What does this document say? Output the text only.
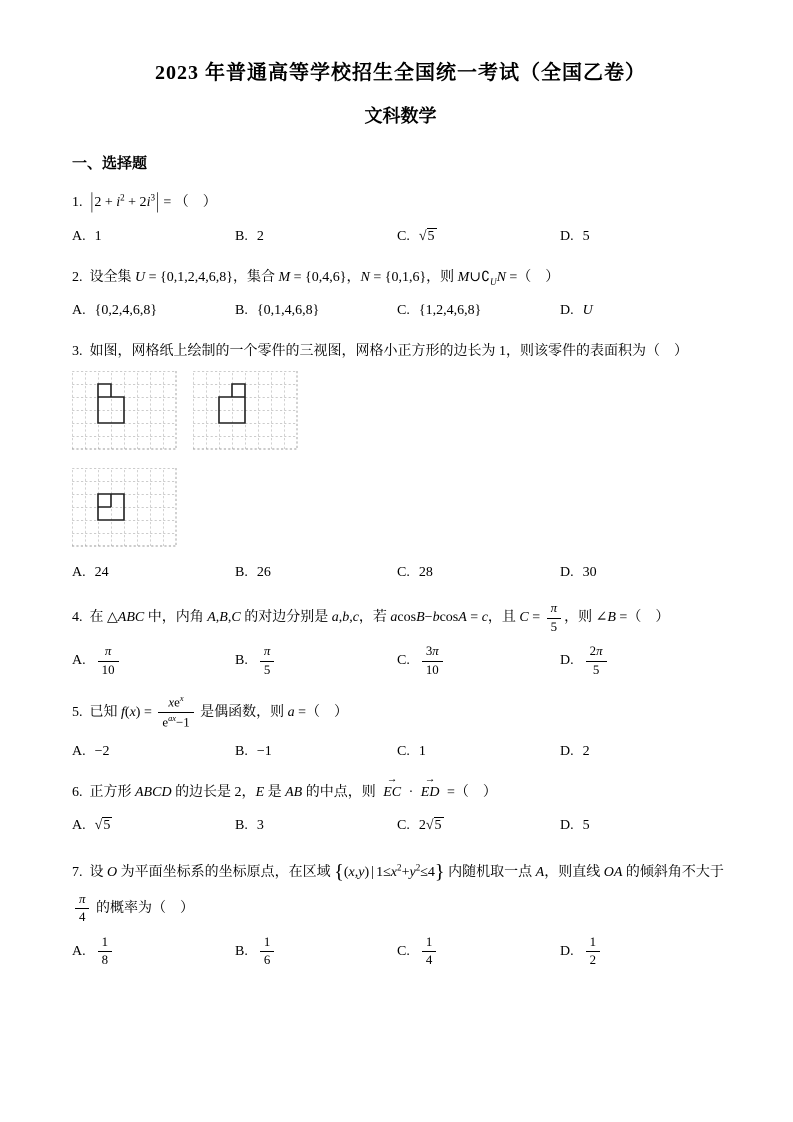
2023 年普通高等学校招生全国统一考试（全国乙卷）
文科数学
一、选择题

1. $|2 + i^2 + 2i^3|$ = （　）

A. 1	B. 2	C. √5	D. 5

2. 设全集 U = {0,1,2,4,6,8}，集合 M = {0,4,6}，N = {0,1,6}，则 $M\cup∁_UN$ =（　）

A. {0,2,4,6,8}	B. {0,1,4,6,8}	C. {1,2,4,6,8}	D. U

3. 如图，网格纸上绘制的一个零件的三视图，网格小正方形的边长为 1，则该零件的表面积为（　）

A. 24	B. 26	C. 28	D. 30

4. 在 △ABC 中，内角 A,B,C 的对边分别是 a,b,c，若 acosB−bcosA = c，且 $C = \frac{\pi}{5}$ ，则 ∠B =（　）

A. $\frac{\pi}{10}$	B. $\frac{\pi}{5}$	C. $\frac{3\pi}{10}$	D. $\frac{2\pi}{5}$

5. 已知 $f(x) = \frac{xe^x}{e^{ax}-1}$ 是偶函数，则 a =（　）

A. −2	B. −1	C. 1	D. 2

6. 正方形 ABCD 的边长是 2，E 是 AB 的中点，则 → EC · → ED =（　）

A. √5	B. 3	C. 2√5	D. 5

7. 设 O 为平面坐标系的坐标原点，在区域 {(x,y) | $1\le x^2+y^2\le 4$} 内随机取一点 A，则直线 OA 的倾斜角不大于
$\frac{\pi}{4}$ 的概率为（　）

A. $\frac{1}{8}$	B. $\frac{1}{6}$	C. $\frac{1}{4}$	D. $\frac{1}{2}$
